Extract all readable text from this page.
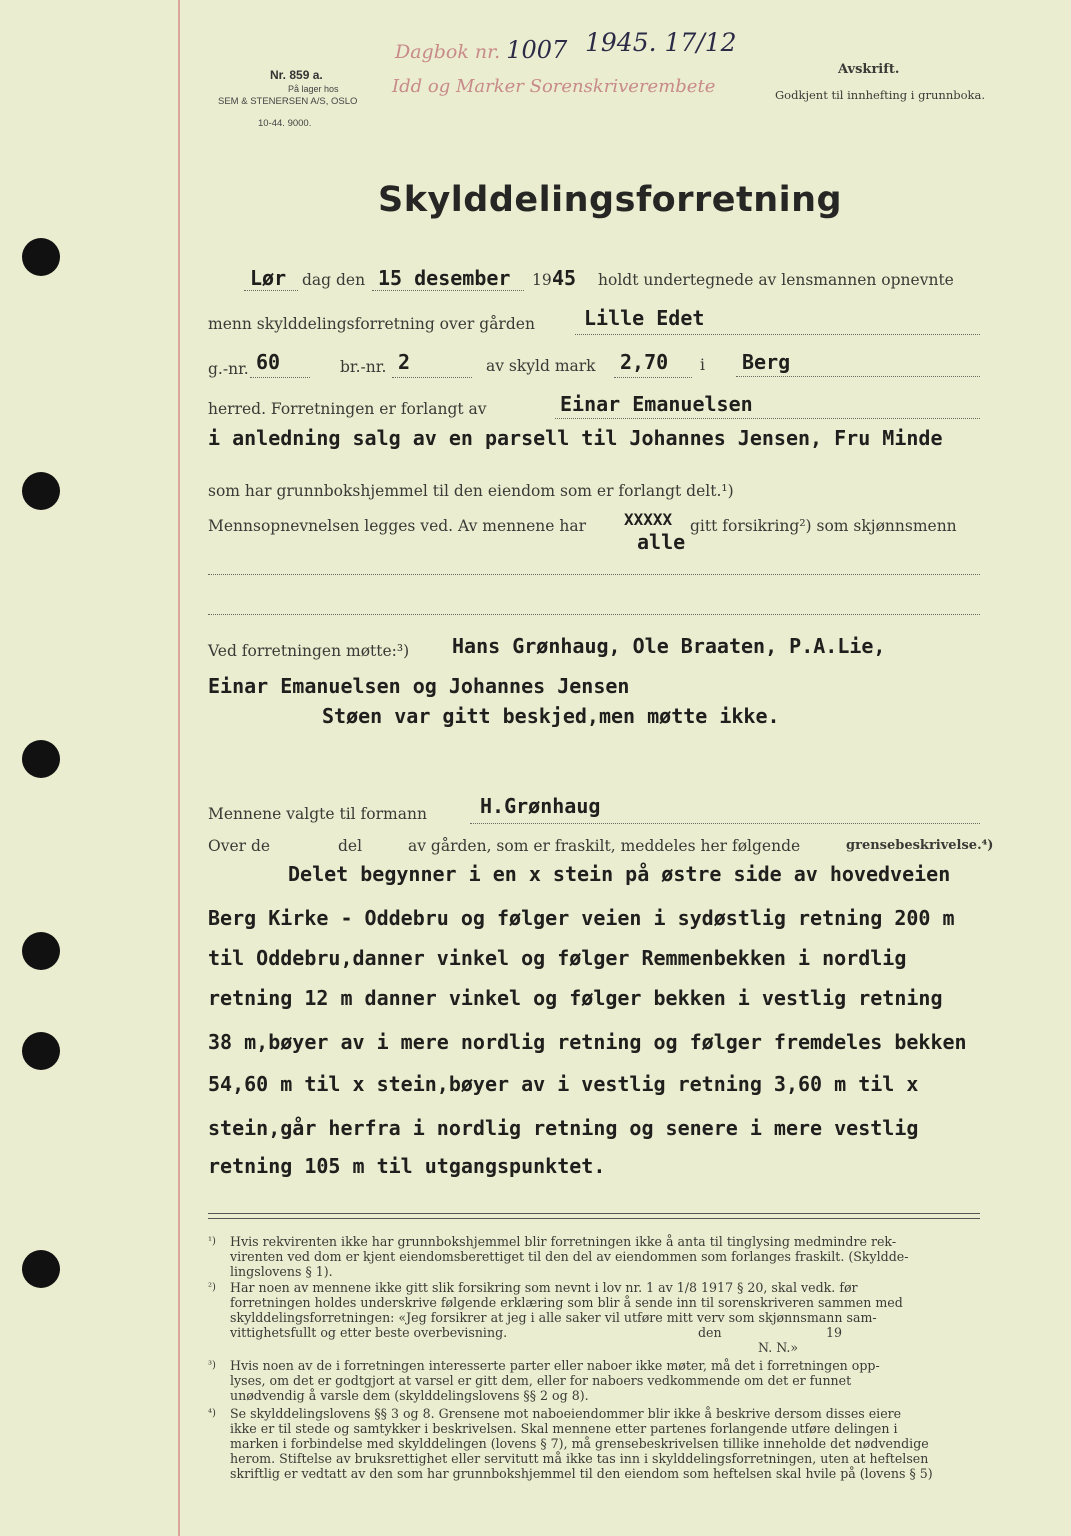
Nr. 859 a.
På lager hos
SEM & STENERSEN A/S, OSLO
10-44. 9000.
Dagbok nr. 1007 1945. 17/12
Idd og Marker Sorenskriverembete
Avskrift.
Godkjent til innhefting i grunnboka.
Skylddelingsforretning
Lør dag den 15 desember 19 45 holdt undertegnede av lensmannen opnevnte
menn skylddelingsforretning over gården Lille Edet
g.-nr. 60	br.-nr. 2	av skyld mark 2,70 i Berg
herred. Forretningen er forlangt av	Einar Emanuelsen
i anledning salg av en parsell til Johannes Jensen, Fru Minde
som har grunnbokshjemmel til den eiendom som er forlangt delt.¹)
Mennsopnevnelsen legges ved. Av mennene har XXXXX gitt forsikring²) som skjønnsmenn
alle
Ved forretningen møtte:³) Hans Grønhaug, Ole Braaten, P.A.Lie,
Einar Emanuelsen og Johannes Jensen
Støen var gitt beskjed,men møtte ikke.
Mennene valgte til formann	H.Grønhaug
Over de	del	av gården, som er fraskilt, meddeles her følgende	grensebeskrivelse.⁴)
Delet begynner i en x stein på østre side av hovedveien
Berg Kirke - Oddebru og følger veien i sydøstlig retning 200 m
til Oddebru,danner vinkel og følger Remmenbekken i nordlig
retning 12 m danner vinkel og følger bekken i vestlig retning
38 m,bøyer av i mere nordlig retning og følger fremdeles bekken
54,60 m til x stein,bøyer av i vestlig retning 3,60 m til x
stein,går herfra i nordlig retning og senere i mere vestlig
retning 105 m til utgangspunktet.
¹) Hvis rekvirenten ikke har grunnbokshjemmel blir forretningen ikke å anta til tinglysing medmindre rek-
virenten ved dom er kjent eiendomsberettiget til den del av eiendommen som forlanges fraskilt. (Skyldde-
lingslovens § 1).
²) Har noen av mennene ikke gitt slik forsikring som nevnt i lov nr. 1 av 1/8 1917 § 20, skal vedk. før
forretningen holdes underskrive følgende erklæring som blir å sende inn til sorenskriveren sammen med
skylddelingsforretningen: «Jeg forsikrer at jeg i alle saker vil utføre mitt verv som skjønnsmann sam-
vittighetsfullt og etter beste overbevisning.	den	19
N. N.»
³) Hvis noen av de i forretningen interesserte parter eller naboer ikke møter, må det i forretningen opp-
lyses, om det er godtgjort at varsel er gitt dem, eller for naboers vedkommende om det er funnet
unødvendig å varsle dem (skylddelingslovens §§ 2 og 8).
⁴) Se skylddelingslovens §§ 3 og 8. Grensene mot naboeiendommer blir ikke å beskrive dersom disses eiere
ikke er til stede og samtykker i beskrivelsen. Skal mennene etter partenes forlangende utføre delingen i
marken i forbindelse med skylddelingen (lovens § 7), må grensebeskrivelsen tillike inneholde det nødvendige
herom. Stiftelse av bruksrettighet eller servitutt må ikke tas inn i skylddelingsforretningen, uten at heftelsen
skriftlig er vedtatt av den som har grunnbokshjemmel til den eiendom som heftelsen skal hvile på (lovens § 5)
